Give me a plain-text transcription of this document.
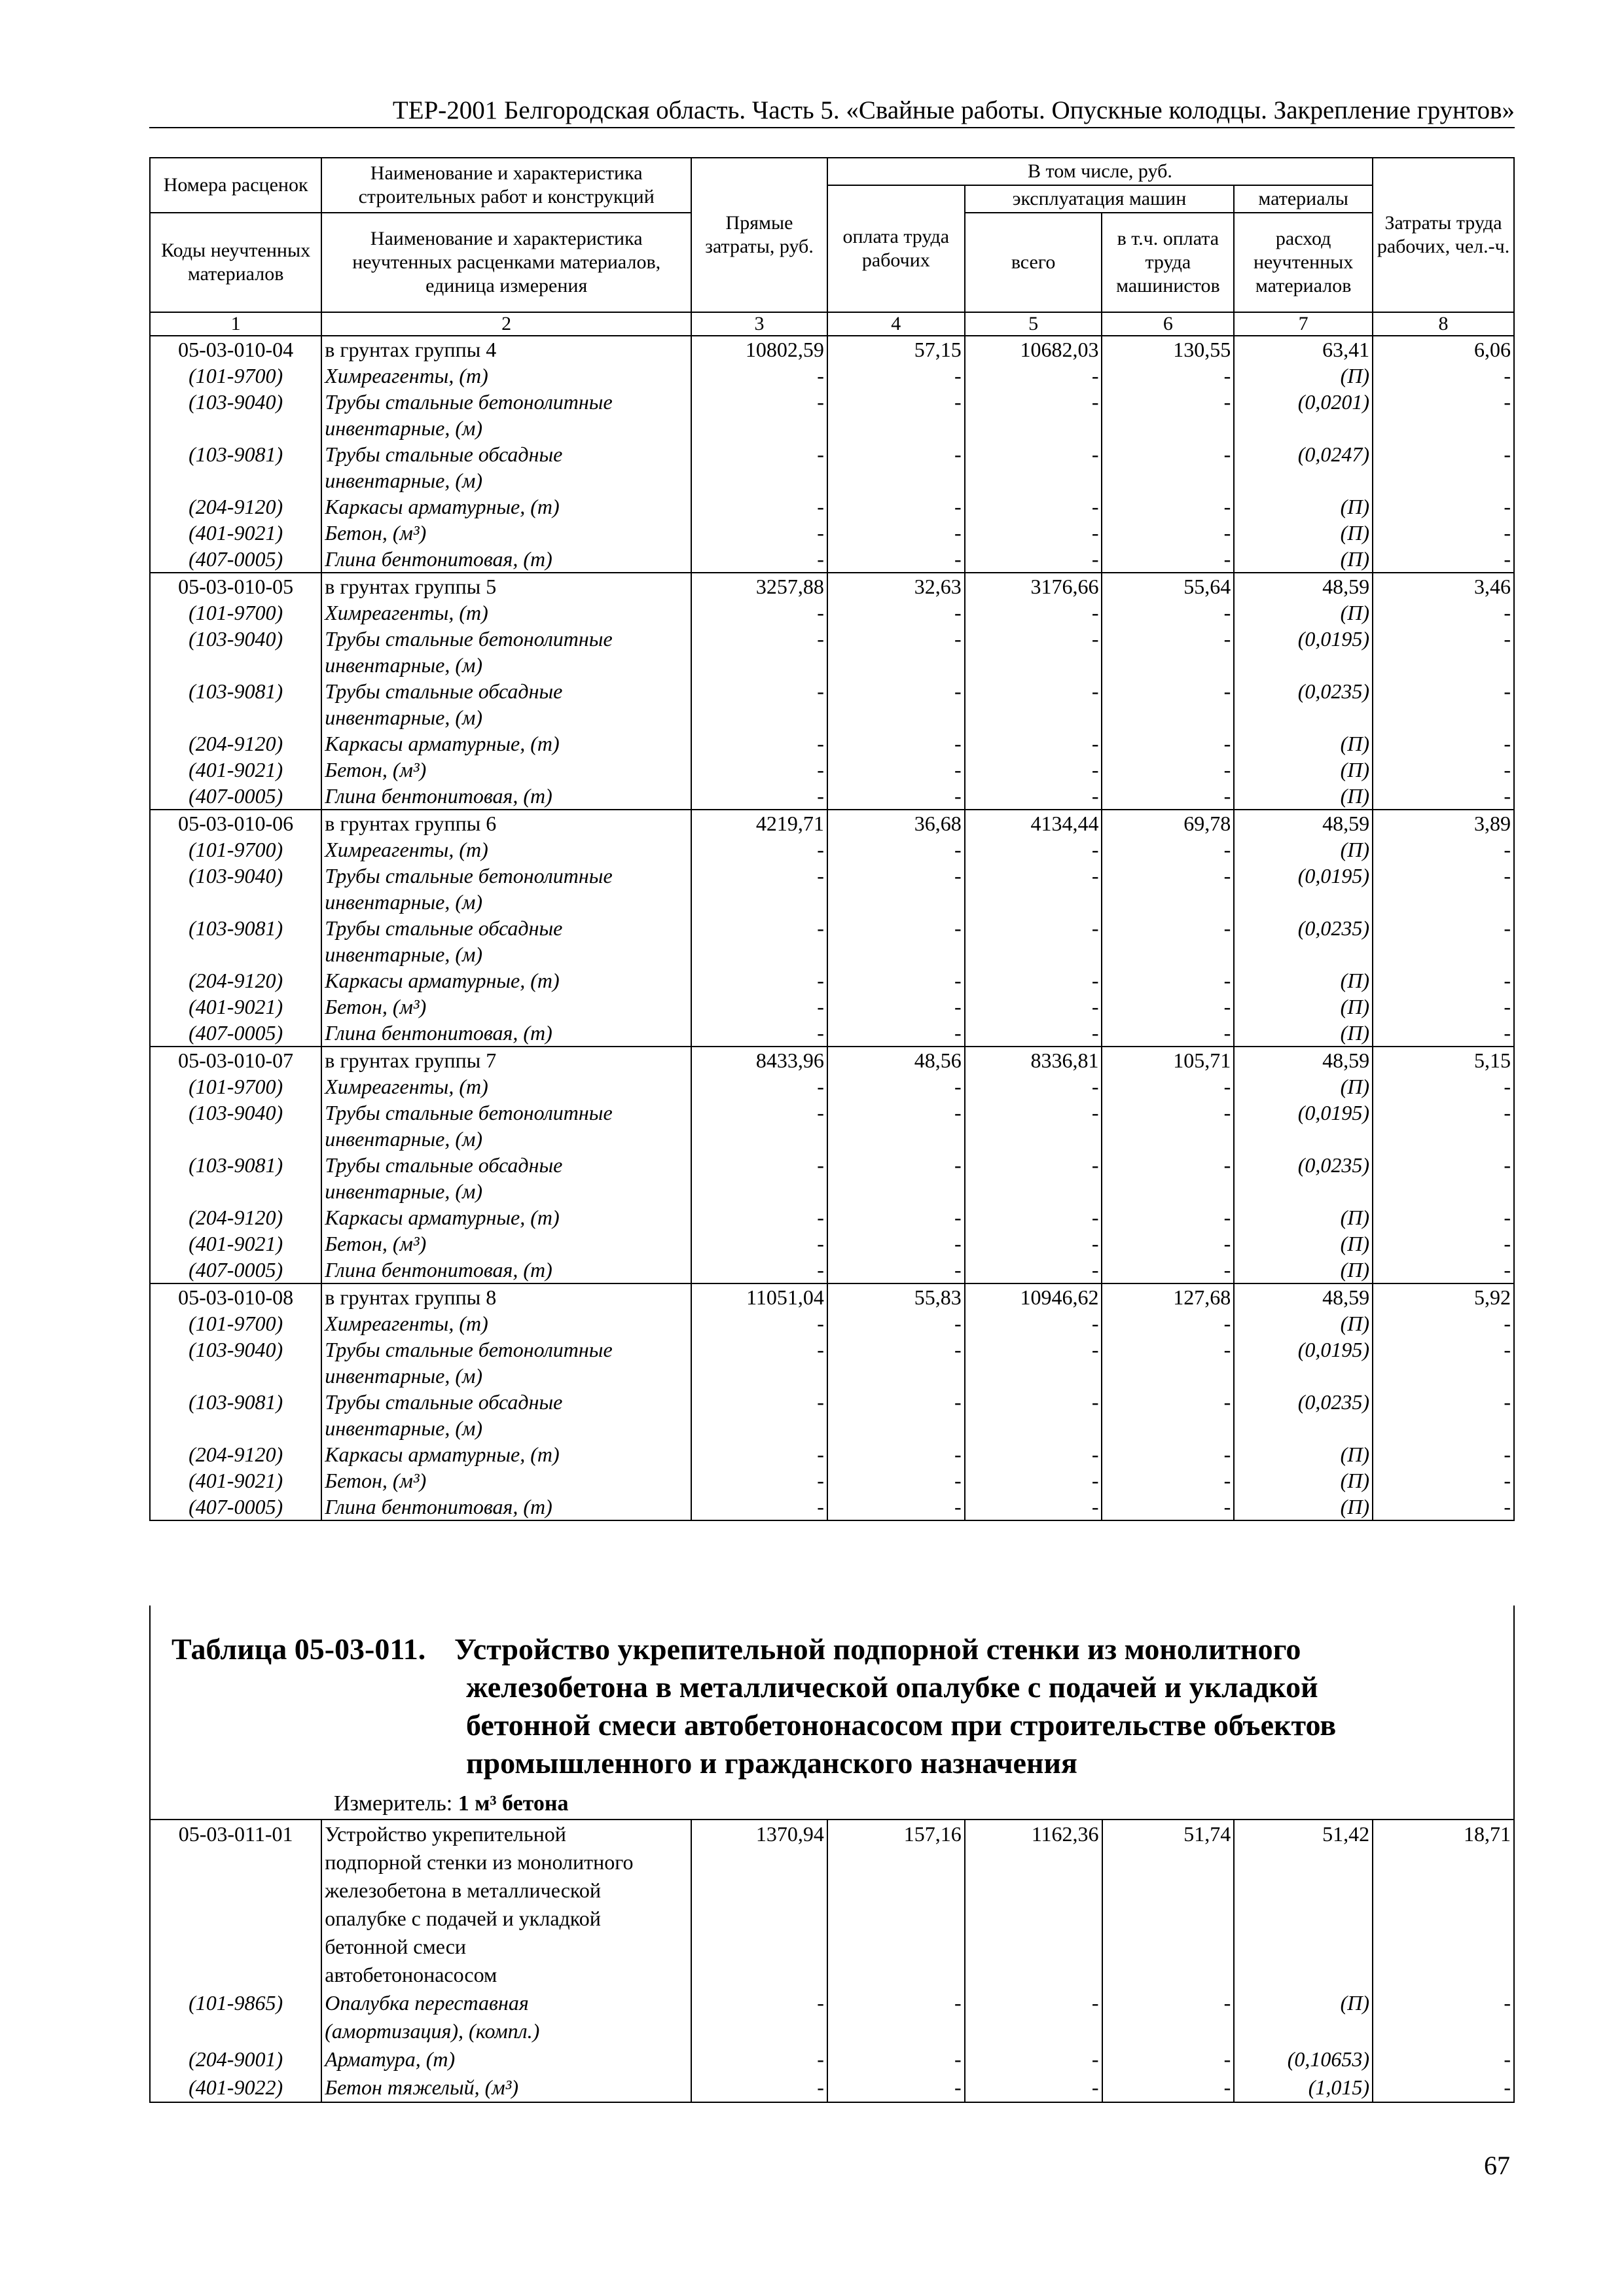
ТЕР-2001 Белгородская область. Часть 5. «Свайные работы. Опускные колодцы. Закрепление грунтов»
Номера расценок	Наименование и характеристика строительных работ и конструкций	Прямые затраты, руб.	В том числе, руб.				Затраты труда рабочих, чел.-ч.
			оплата труда рабочих	эксплуатация машин		материалы	
Коды неучтенных материалов	Наименование и характеристика неучтенных расценками материалов, единица измерения			всего	в т.ч. оплата труда машинистов	расход неучтенных материалов	

1	2	3	4	5	6	7	8
05-03-010-04	в грунтах группы 4	10802,59	57,15	10682,03	130,55	63,41	6,06
(101-9700)	Химреагенты, (т)	-	-	-	-	(П)	-
(103-9040)	Трубы стальные бетонолитные	-	-	-	-	(0,0201)	-
	инвентарные, (м)						
(103-9081)	Трубы стальные обсадные	-	-	-	-	(0,0247)	-
	инвентарные, (м)						
(204-9120)	Каркасы арматурные, (т)	-	-	-	-	(П)	-
(401-9021)	Бетон, (м³)	-	-	-	-	(П)	-
(407-0005)	Глина бентонитовая, (т)	-	-	-	-	(П)	-
05-03-010-05	в грунтах группы 5	3257,88	32,63	3176,66	55,64	48,59	3,46
(101-9700)	Химреагенты, (т)	-	-	-	-	(П)	-
(103-9040)	Трубы стальные бетонолитные	-	-	-	-	(0,0195)	-
	инвентарные, (м)						
(103-9081)	Трубы стальные обсадные	-	-	-	-	(0,0235)	-
	инвентарные, (м)						
(204-9120)	Каркасы арматурные, (т)	-	-	-	-	(П)	-
(401-9021)	Бетон, (м³)	-	-	-	-	(П)	-
(407-0005)	Глина бентонитовая, (т)	-	-	-	-	(П)	-
05-03-010-06	в грунтах группы 6	4219,71	36,68	4134,44	69,78	48,59	3,89
(101-9700)	Химреагенты, (т)	-	-	-	-	(П)	-
(103-9040)	Трубы стальные бетонолитные	-	-	-	-	(0,0195)	-
	инвентарные, (м)						
(103-9081)	Трубы стальные обсадные	-	-	-	-	(0,0235)	-
	инвентарные, (м)						
(204-9120)	Каркасы арматурные, (т)	-	-	-	-	(П)	-
(401-9021)	Бетон, (м³)	-	-	-	-	(П)	-
(407-0005)	Глина бентонитовая, (т)	-	-	-	-	(П)	-
05-03-010-07	в грунтах группы 7	8433,96	48,56	8336,81	105,71	48,59	5,15
(101-9700)	Химреагенты, (т)	-	-	-	-	(П)	-
(103-9040)	Трубы стальные бетонолитные	-	-	-	-	(0,0195)	-
	инвентарные, (м)						
(103-9081)	Трубы стальные обсадные	-	-	-	-	(0,0235)	-
	инвентарные, (м)						
(204-9120)	Каркасы арматурные, (т)	-	-	-	-	(П)	-
(401-9021)	Бетон, (м³)	-	-	-	-	(П)	-
(407-0005)	Глина бентонитовая, (т)	-	-	-	-	(П)	-
05-03-010-08	в грунтах группы 8	11051,04	55,83	10946,62	127,68	48,59	5,92
(101-9700)	Химреагенты, (т)	-	-	-	-	(П)	-
(103-9040)	Трубы стальные бетонолитные	-	-	-	-	(0,0195)	-
	инвентарные, (м)						
(103-9081)	Трубы стальные обсадные	-	-	-	-	(0,0235)	-
	инвентарные, (м)						
(204-9120)	Каркасы арматурные, (т)	-	-	-	-	(П)	-
(401-9021)	Бетон, (м³)	-	-	-	-	(П)	-
(407-0005)	Глина бентонитовая, (т)	-	-	-	-	(П)	-
Таблица 05-03-011. Устройство укрепительной подпорной стенки из монолитного
железобетона в металлической опалубке с подачей и укладкой
бетонной смеси автобетононасосом при строительстве объектов
промышленного и гражданского назначения
Измеритель: 1 м³ бетона
05-03-011-01	Устройство укрепительной	1370,94	157,16	1162,36	51,74	51,42	18,71
	подпорной стенки из монолитного						
	железобетона в металлической						
	опалубке с подачей и укладкой						
	бетонной смеси						
	автобетононасосом						
(101-9865)	Опалубка переставная	-	-	-	-	(П)	-
	(амортизация), (компл.)						
(204-9001)	Арматура, (т)	-	-	-	-	(0,10653)	-
(401-9022)	Бетон тяжелый, (м³)	-	-	-	-	(1,015)	-
67
